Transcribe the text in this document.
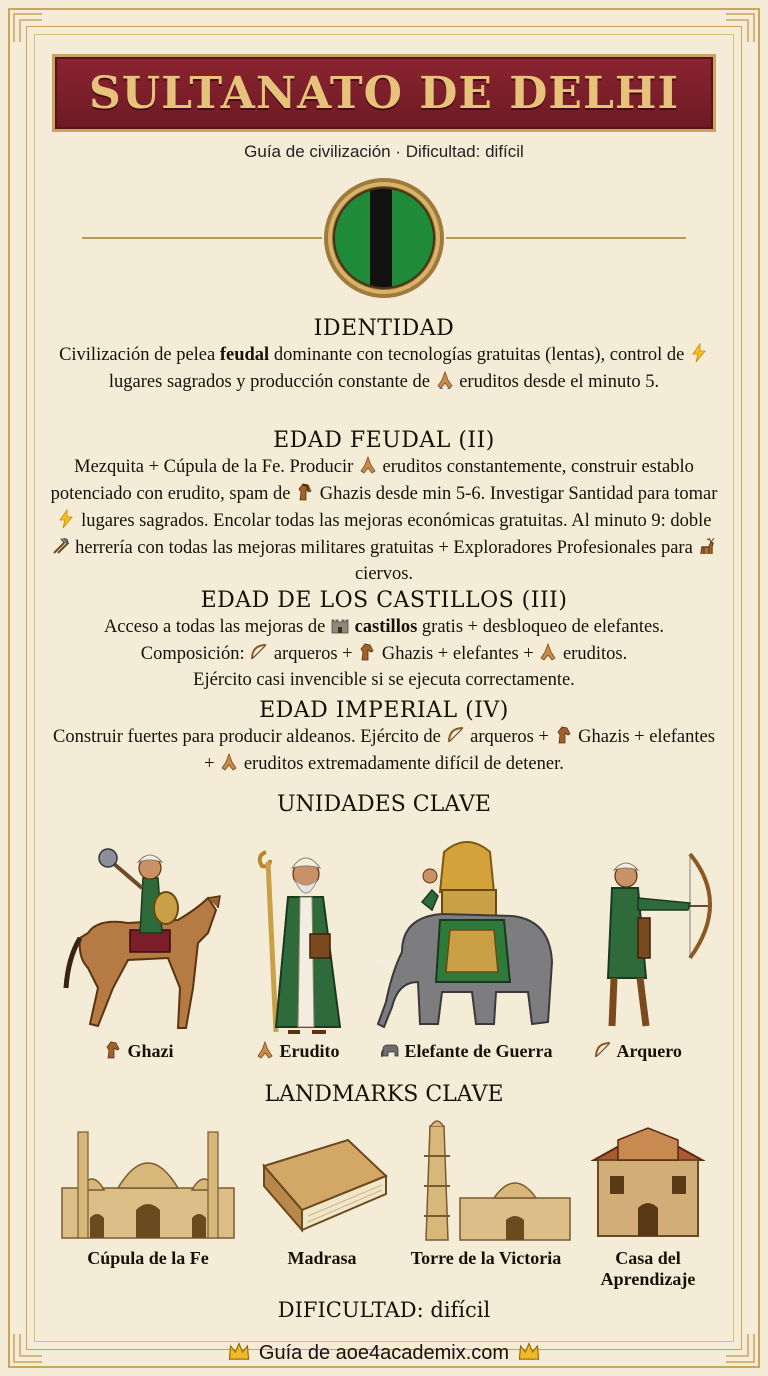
SULTANATO DE DELHI
Guía de civilización · Dificultad: difícil
IDENTIDAD

Civilización de pelea feudal dominante con tecnologías gratuitas (lentas), control de  lugares sagrados y producción constante de  eruditos desde el minuto 5.

EDAD FEUDAL (II)

Mezquita + Cúpula de la Fe. Producir  eruditos constantemente, construir establo potenciado con erudito, spam de  Ghazis desde min 5-6. Investigar Santidad para tomar  lugares sagrados. Encolar todas las mejoras económicas gratuitas. Al minuto 9: doble  herrería con todas las mejoras militares gratuitas + Exploradores Profesionales para  ciervos.

EDAD DE LOS CASTILLOS (III)

Acceso a todas las mejoras de  castillos gratis + desbloqueo de elefantes.
Composición:  arqueros +  Ghazis + elefantes +  eruditos.
Ejército casi invencible si se ejecuta correctamente.

EDAD IMPERIAL (IV)

Construir fuertes para producir aldeanos. Ejército de  arqueros +  Ghazis + elefantes +  eruditos extremadamente difícil de detener.

UNIDADES CLAVE
Ghazi	Erudito	Elefante de Guerra	Arquero
LANDMARKS CLAVE
Cúpula de la Fe	Madrasa	Torre de la Victoria	Casa del Aprendizaje
DIFICULTAD: difícil
Guía de aoe4academix.com
